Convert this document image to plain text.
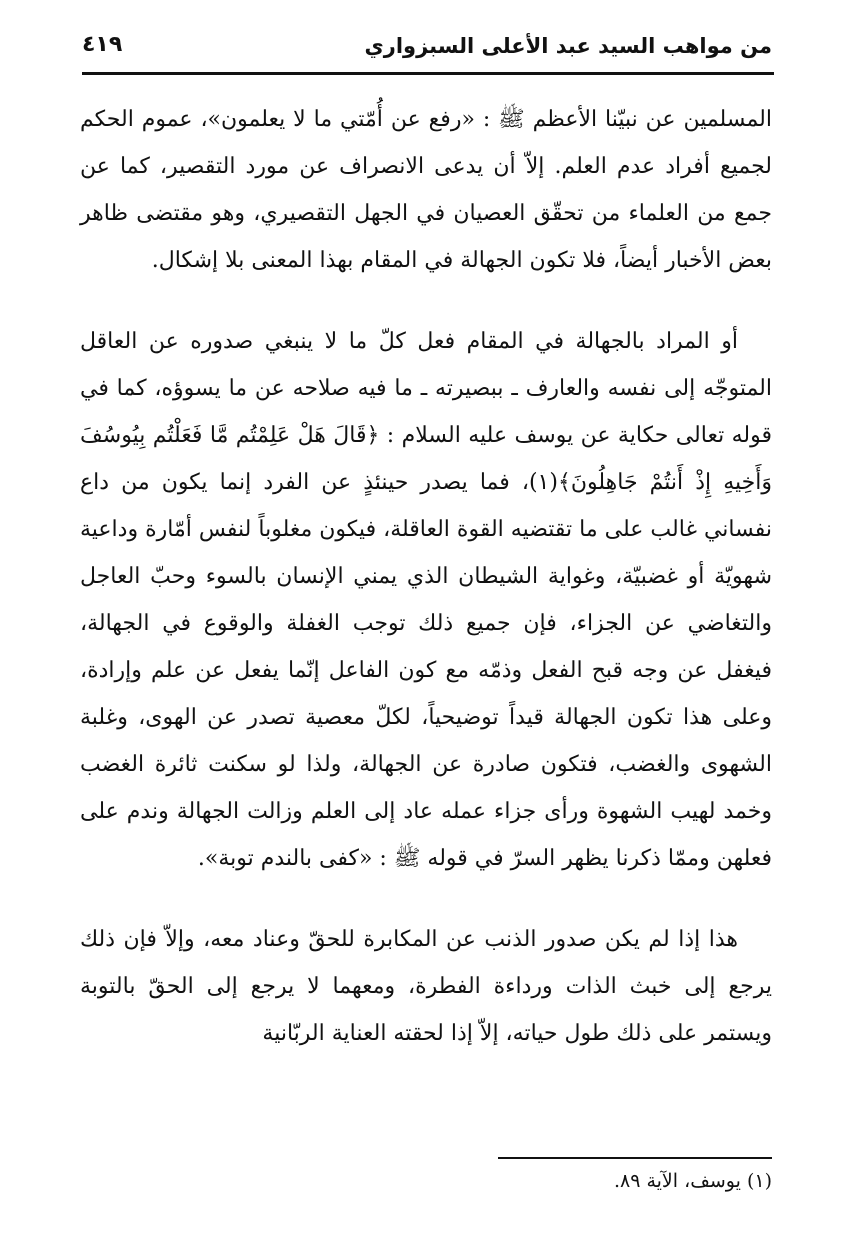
من مواهب السيد عبد الأعلى السبزواري
٤١٩

المسلمين عن نبيّنا الأعظم ﷺ : «رفع عن أُمّتي ما لا يعلمون»، عموم الحكم لجميع أفراد عدم العلم. إلاّ أن يدعى الانصراف عن مورد التقصير، كما عن جمع من العلماء من تحقّق العصيان في الجهل التقصيري، وهو مقتضى ظاهر بعض الأخبار أيضاً، فلا تكون الجهالة في المقام بهذا المعنى بلا إشكال.

أو المراد بالجهالة في المقام فعل كلّ ما لا ينبغي صدوره عن العاقل المتوجّه إلى نفسه والعارف ـ ببصيرته ـ ما فيه صلاحه عن ما يسوؤه، كما في قوله تعالى حكاية عن يوسف عليه السلام : ﴿قَالَ هَلْ عَلِمْتُم مَّا فَعَلْتُم بِيُوسُفَ وَأَخِيهِ إِذْ أَنتُمْ جَاهِلُونَ﴾(١)، فما يصدر حينئذٍ عن الفرد إنما يكون من داع نفساني غالب على ما تقتضيه القوة العاقلة، فيكون مغلوباً لنفس أمّارة وداعية شهويّة أو غضبيّة، وغواية الشيطان الذي يمني الإنسان بالسوء وحبّ العاجل والتغاضي عن الجزاء، فإن جميع ذلك توجب الغفلة والوقوع في الجهالة، فيغفل عن وجه قبح الفعل وذمّه مع كون الفاعل إنّما يفعل عن علم وإرادة، وعلى هذا تكون الجهالة قيداً توضيحياً، لكلّ معصية تصدر عن الهوى، وغلبة الشهوى والغضب، فتكون صادرة عن الجهالة، ولذا لو سكنت ثائرة الغضب وخمد لهيب الشهوة ورأى جزاء عمله عاد إلى العلم وزالت الجهالة وندم على فعلهن وممّا ذكرنا يظهر السرّ في قوله ﷺ : «كفى بالندم توبة».

هذا إذا لم يكن صدور الذنب عن المكابرة للحقّ وعناد معه، وإلاّ فإن ذلك يرجع إلى خبث الذات ورداءة الفطرة، ومعهما لا يرجع إلى الحقّ بالتوبة ويستمر على ذلك طول حياته، إلاّ إذا لحقته العناية الربّانية

(١) يوسف، الآية ٨٩.
